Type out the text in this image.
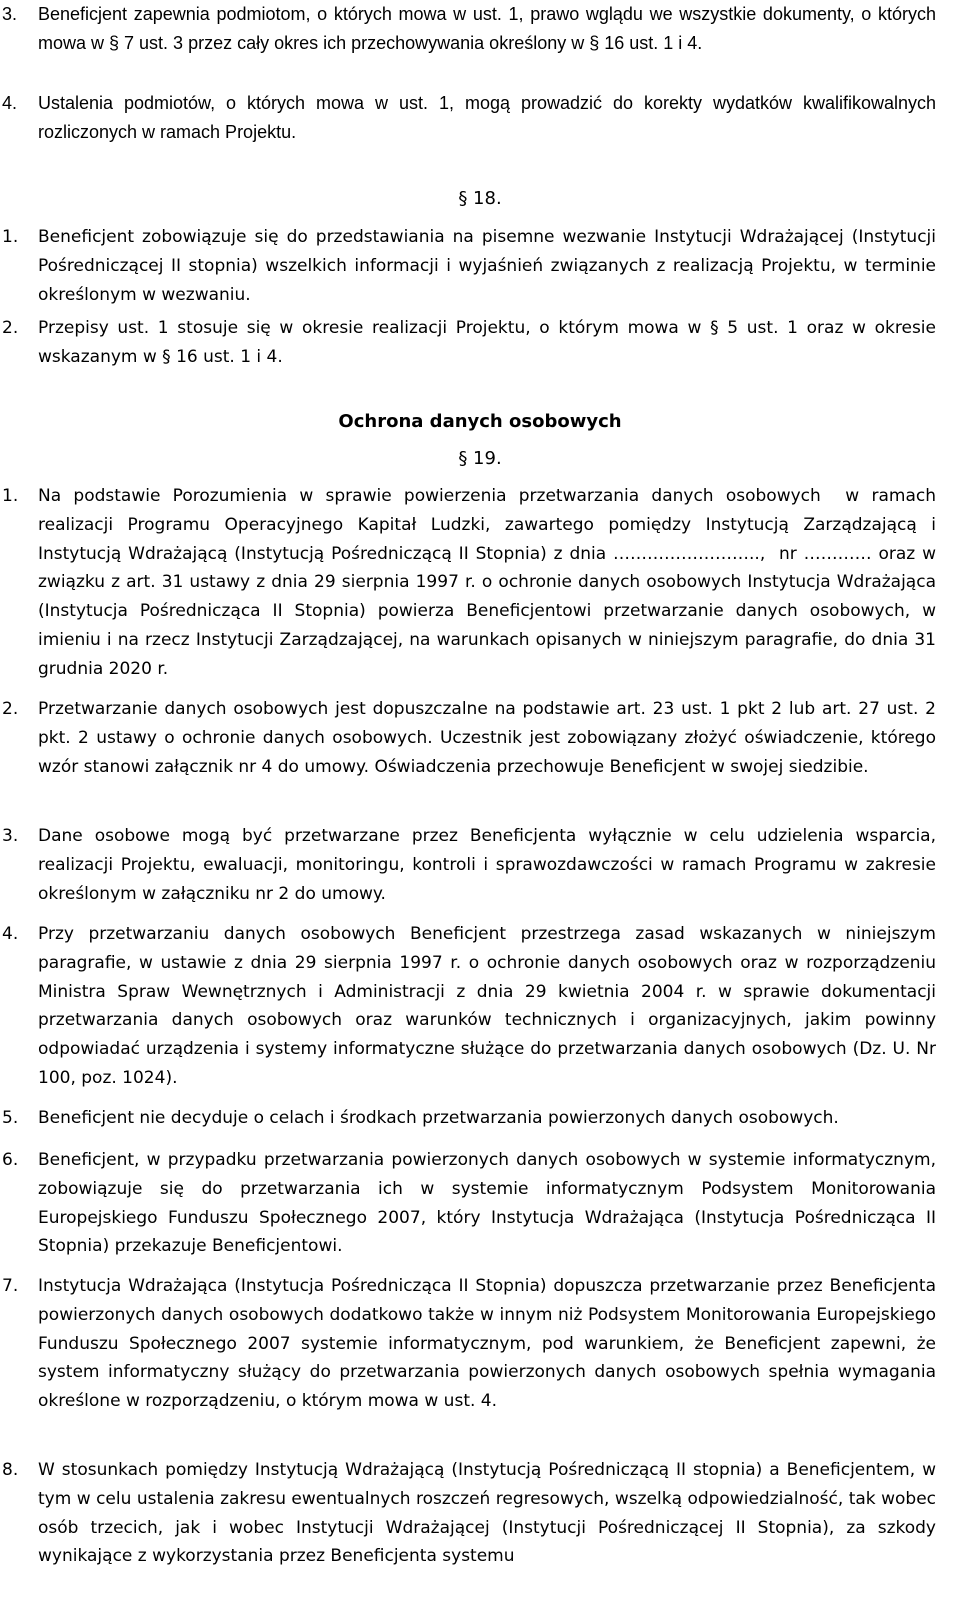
3. Beneficjent zapewnia podmiotom, o których mowa w ust. 1, prawo wglądu we wszystkie dokumenty, o których mowa w § 7 ust. 3 przez cały okres ich przechowywania określony w § 16 ust. 1 i 4.
4. Ustalenia podmiotów, o których mowa w ust. 1, mogą prowadzić do korekty wydatków kwalifikowalnych rozliczonych w ramach Projektu.
§ 18.
1. Beneficjent zobowiązuje się do przedstawiania na pisemne wezwanie Instytucji Wdrażającej (Instytucji Pośredniczącej II stopnia) wszelkich informacji i wyjaśnień związanych z realizacją Projektu, w terminie określonym w wezwaniu.
2. Przepisy ust. 1 stosuje się w okresie realizacji Projektu, o którym mowa w § 5 ust. 1 oraz w okresie wskazanym w § 16 ust. 1 i 4.
Ochrona danych osobowych
§ 19.
1. Na podstawie Porozumienia w sprawie powierzenia przetwarzania danych osobowych  w ramach realizacji Programu Operacyjnego Kapitał Ludzki, zawartego pomiędzy Instytucją Zarządzającą i Instytucją Wdrażającą (Instytucją Pośredniczącą II Stopnia) z dnia ……………………..,  nr ………… oraz w związku z art. 31 ustawy z dnia 29 sierpnia 1997 r. o ochronie danych osobowych Instytucja Wdrażająca (Instytucja Pośrednicząca II Stopnia) powierza Beneficjentowi przetwarzanie danych osobowych, w imieniu i na rzecz Instytucji Zarządzającej, na warunkach opisanych w niniejszym paragrafie, do dnia 31 grudnia 2020 r.
2. Przetwarzanie danych osobowych jest dopuszczalne na podstawie art. 23 ust. 1 pkt 2 lub art. 27 ust. 2 pkt. 2 ustawy o ochronie danych osobowych. Uczestnik jest zobowiązany złożyć oświadczenie, którego wzór stanowi załącznik nr 4 do umowy. Oświadczenia przechowuje Beneficjent w swojej siedzibie.
3. Dane osobowe mogą być przetwarzane przez Beneficjenta wyłącznie w celu udzielenia wsparcia, realizacji Projektu, ewaluacji, monitoringu, kontroli i sprawozdawczości w ramach Programu w zakresie określonym w załączniku nr 2 do umowy.
4. Przy przetwarzaniu danych osobowych Beneficjent przestrzega zasad wskazanych w niniejszym paragrafie, w ustawie z dnia 29 sierpnia 1997 r. o ochronie danych osobowych oraz w rozporządzeniu Ministra Spraw Wewnętrznych i Administracji z dnia 29 kwietnia 2004 r. w sprawie dokumentacji przetwarzania danych osobowych oraz warunków technicznych i organizacyjnych, jakim powinny odpowiadać urządzenia i systemy informatyczne służące do przetwarzania danych osobowych (Dz. U. Nr 100, poz. 1024).
5. Beneficjent nie decyduje o celach i środkach przetwarzania powierzonych danych osobowych.
6. Beneficjent, w przypadku przetwarzania powierzonych danych osobowych w systemie informatycznym, zobowiązuje się do przetwarzania ich w systemie informatycznym Podsystem Monitorowania Europejskiego Funduszu Społecznego 2007, który Instytucja Wdrażająca (Instytucja Pośrednicząca II Stopnia) przekazuje Beneficjentowi.
7. Instytucja Wdrażająca (Instytucja Pośrednicząca II Stopnia) dopuszcza przetwarzanie przez Beneficjenta powierzonych danych osobowych dodatkowo także w innym niż Podsystem Monitorowania Europejskiego Funduszu Społecznego 2007 systemie informatycznym, pod warunkiem, że Beneficjent zapewni, że system informatyczny służący do przetwarzania powierzonych danych osobowych spełnia wymagania określone w rozporządzeniu, o którym mowa w ust. 4.
8. W stosunkach pomiędzy Instytucją Wdrażającą (Instytucją Pośredniczącą II stopnia) a Beneficjentem, w tym w celu ustalenia zakresu ewentualnych roszczeń regresowych, wszelką odpowiedzialność, tak wobec osób trzecich, jak i wobec Instytucji Wdrażającej (Instytucji Pośredniczącej II Stopnia), za szkody wynikające z wykorzystania przez Beneficjenta systemu
